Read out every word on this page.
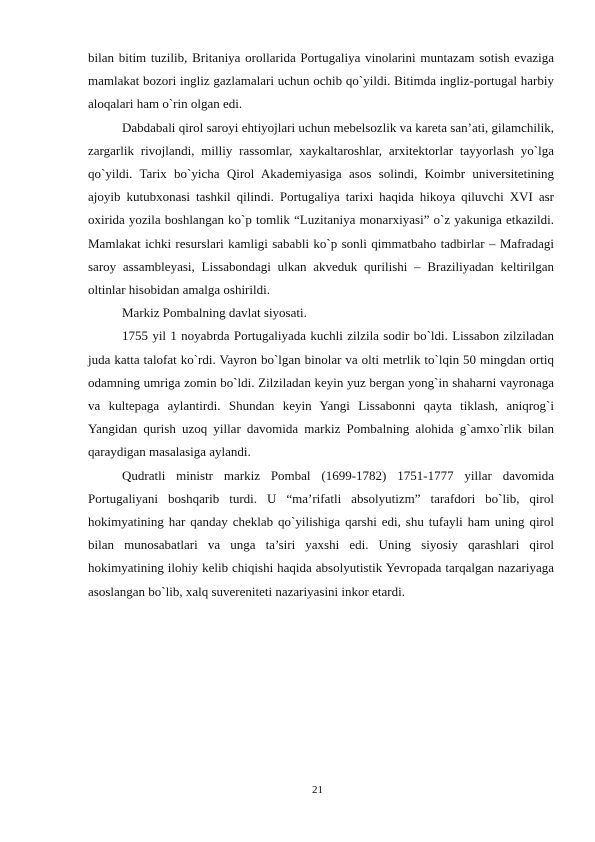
bilan bitim tuzilib, Britaniya orollarida Portugaliya vinolarini muntazam sotish evaziga mamlakat bozori ingliz gazlamalari uchun ochib qo`yildi. Bitimda ingliz-portugal harbiy aloqalari ham o`rin olgan edi.

Dabdabali qirol saroyi ehtiyojlari uchun mebelsozlik va kareta san’ati, gilamchilik, zargarlik rivojlandi, milliy rassomlar, xaykaltaroshlar, arxitektorlar tayyorlash yo`lga qo`yildi. Tarix bo`yicha Qirol Akademiyasiga asos solindi, Koimbr universitetining ajoyib kutubxonasi tashkil qilindi. Portugaliya tarixi haqida hikoya qiluvchi XVI asr oxirida yozila boshlangan ko`p tomlik “Luzitaniya monarxiyasi” o`z yakuniga etkazildi. Mamlakat ichki resurslari kamligi sababli ko`p sonli qimmatbaho tadbirlar – Mafradagi saroy assambleyasi, Lissabondagi ulkan akveduk qurilishi – Braziliyadan keltirilgan oltinlar hisobidan amalga oshirildi.

Markiz Pombalning davlat siyosati.

1755 yil 1 noyabrda Portugaliyada kuchli zilzila sodir bo`ldi. Lissabon zilziladan juda katta talofat ko`rdi. Vayron bo`lgan binolar va olti metrlik to`lqin 50 mingdan ortiq odamning umriga zomin bo`ldi. Zilziladan keyin yuz bergan yong`in shaharni vayronaga va kultepaga aylantirdi. Shundan keyin Yangi Lissabonni qayta tiklash, aniqrog`i Yangidan qurish uzoq yillar davomida markiz Pombalning alohida g`amxo`rlik bilan qaraydigan masalasiga aylandi.

Qudratli ministr markiz Pombal (1699-1782) 1751-1777 yillar davomida Portugaliyani boshqarib turdi. U “ma’rifatli absolyutizm” tarafdori bo`lib, qirol hokimyatining har qanday cheklab qo`yilishiga qarshi edi, shu tufayli ham uning qirol bilan munosabatlari va unga ta’siri yaxshi edi. Uning siyosiy qarashlari qirol hokimyatining ilohiy kelib chiqishi haqida absolyutistik Yevropada tarqalgan nazariyaga asoslangan bo`lib, xalq suvereniteti nazariyasini inkor etardi.

21
